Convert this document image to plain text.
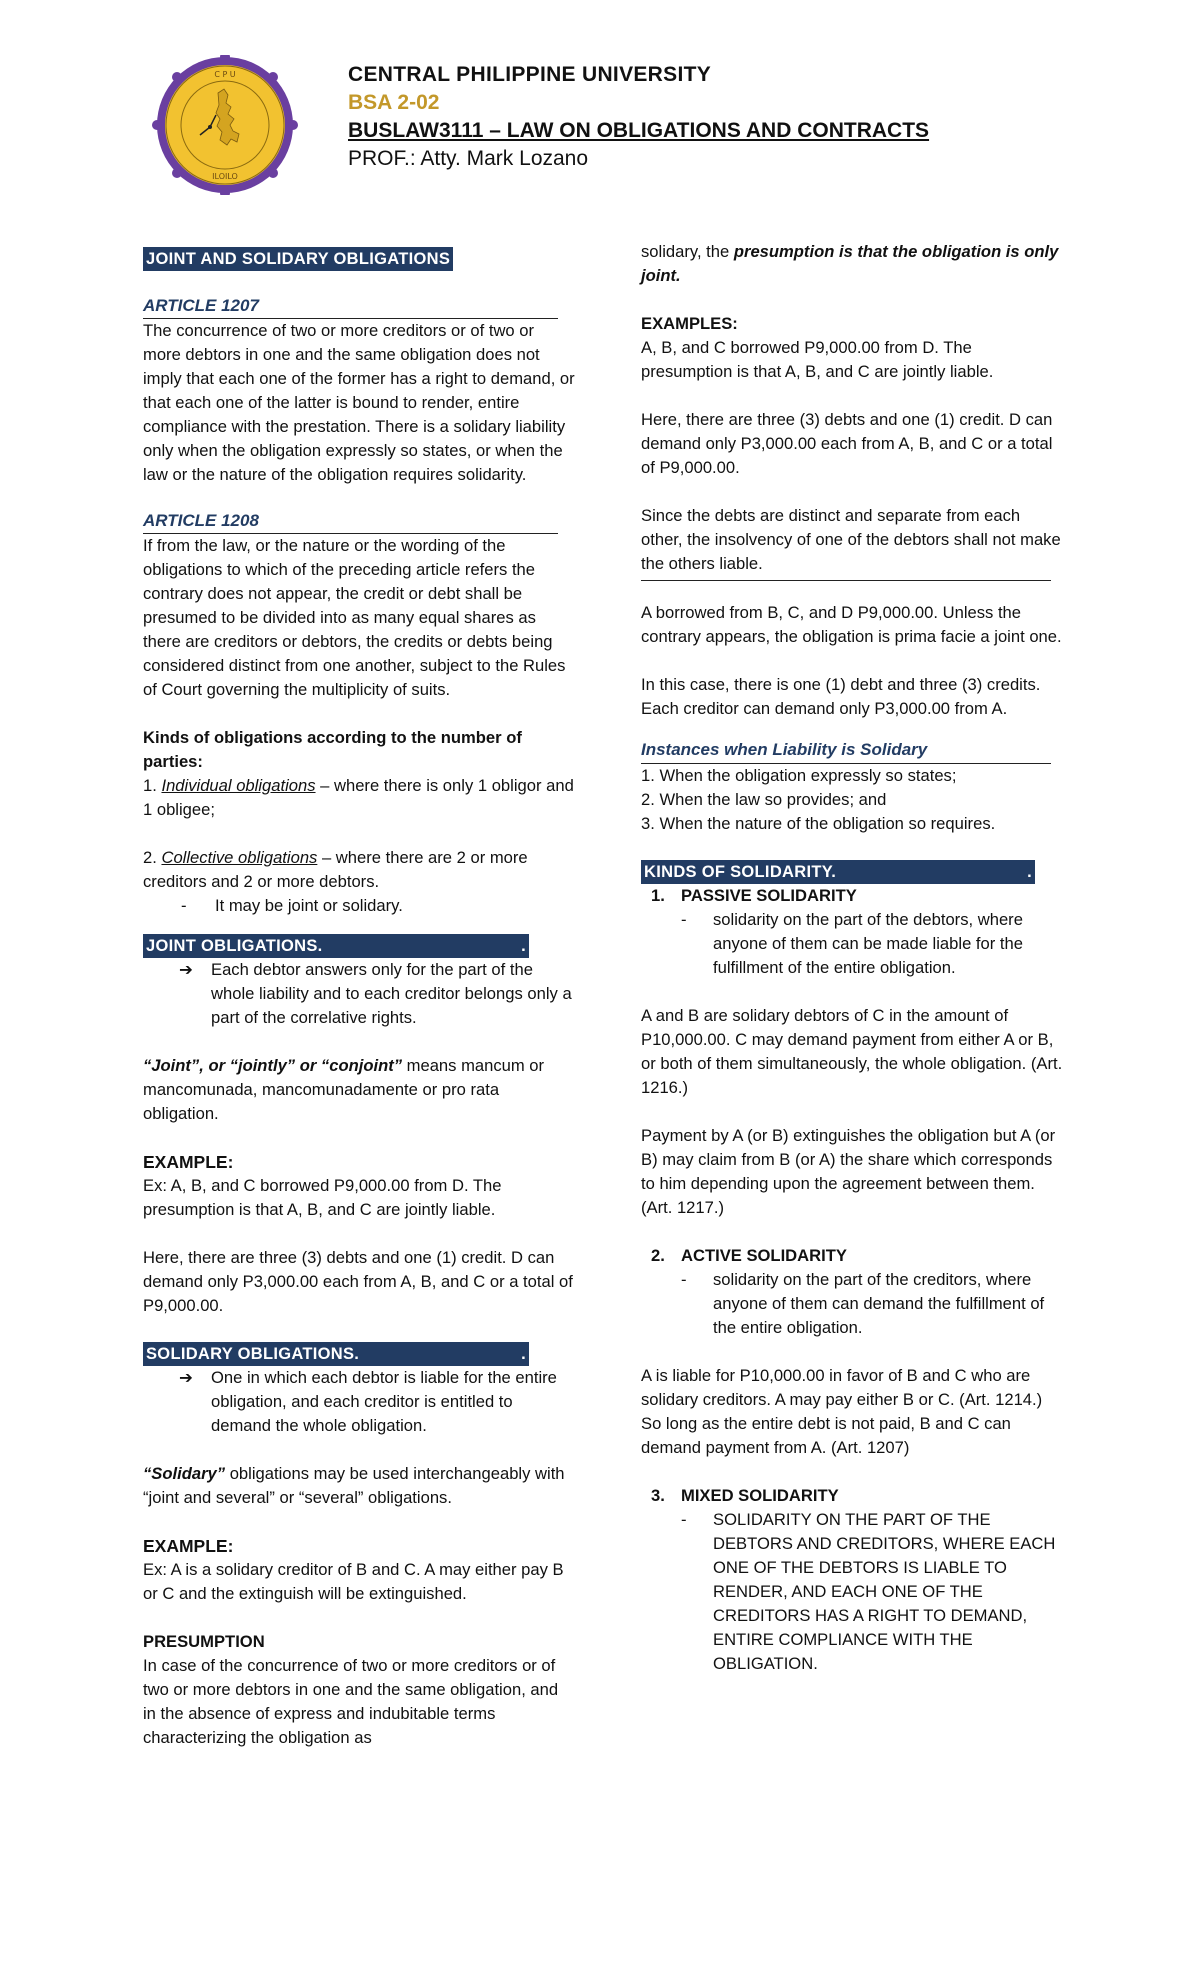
C P U
ILOILO

CENTRAL PHILIPPINE UNIVERSITY

BSA 2-02

BUSLAW3111 – LAW ON OBLIGATIONS AND CONTRACTS

PROF.: Atty. Mark Lozano

JOINT AND SOLIDARY OBLIGATIONS
ARTICLE 1207

The concurrence of two or more creditors or of two or more debtors in one and the same obligation does not imply that each one of the former has a right to demand, or that each one of the latter is bound to render, entire compliance with the prestation. There is a solidary liability only when the obligation expressly so states, or when the law or the nature of the obligation requires solidarity.

ARTICLE 1208

If from the law, or the nature or the wording of the obligations to which of the preceding article refers the contrary does not appear, the credit or debt shall be presumed to be divided into as many equal shares as there are creditors or debtors, the credits or debts being considered distinct from one another, subject to the Rules of Court governing the multiplicity of suits.

Kinds of obligations according to the number of parties:

1. Individual obligations – where there is only 1 obligor and 1 obligee;

2. Collective obligations – where there are 2 or more creditors and 2 or more debtors.

-	It may be joint or solidary.
JOINT OBLIGATIONS.	.
➔	Each debtor answers only for the part of the whole liability and to each creditor belongs only a part of the correlative rights.

“Joint”, or “jointly” or “conjoint” means mancum or mancomunada, mancomunadamente or pro rata obligation.

EXAMPLE:

Ex: A, B, and C borrowed P9,000.00 from D. The presumption is that A, B, and C are jointly liable.

Here, there are three (3) debts and one (1) credit. D can demand only P3,000.00 each from A, B, and C or a total of P9,000.00.

SOLIDARY OBLIGATIONS.	.
➔	One in which each debtor is liable for the entire obligation, and each creditor is entitled to demand the whole obligation.

“Solidary” obligations may be used interchangeably with “joint and several” or “several” obligations.

EXAMPLE:

Ex: A is a solidary creditor of B and C. A may either pay B or C and the extinguish will be extinguished.

PRESUMPTION

In case of the concurrence of two or more creditors or of two or more debtors in one and the same obligation, and in the absence of express and indubitable terms characterizing the obligation as

solidary, the presumption is that the obligation is only joint.

EXAMPLES:

A, B, and C borrowed P9,000.00 from D. The presumption is that A, B, and C are jointly liable.

Here, there are three (3) debts and one (1) credit. D can demand only P3,000.00 each from A, B, and C or a total of P9,000.00.

Since the debts are distinct and separate from each other, the insolvency of one of the debtors shall not make the others liable.

A borrowed from B, C, and D P9,000.00. Unless the contrary appears, the obligation is prima facie a joint one.

In this case, there is one (1) debt and three (3) credits. Each creditor can demand only P3,000.00 from A.

Instances when Liability is Solidary

1. When the obligation expressly so states;

2. When the law so provides; and

3. When the nature of the obligation so requires.

KINDS OF SOLIDARITY.	.
1. PASSIVE SOLIDARITY
-	solidarity on the part of the debtors, where anyone of them can be made liable for the fulfillment of the entire obligation.

A and B are solidary debtors of C in the amount of P10,000.00. C may demand payment from either A or B, or both of them simultaneously, the whole obligation. (Art. 1216.)

Payment by A (or B) extinguishes the obligation but A (or B) may claim from B (or A) the share which corresponds to him depending upon the agreement between them. (Art. 1217.)

2. ACTIVE SOLIDARITY
-	solidarity on the part of the creditors, where anyone of them can demand the fulfillment of the entire obligation.

A is liable for P10,000.00 in favor of B and C who are solidary creditors. A may pay either B or C. (Art. 1214.) So long as the entire debt is not paid, B and C can demand payment from A. (Art. 1207)

3. MIXED SOLIDARITY
-	SOLIDARITY ON THE PART OF THE DEBTORS AND CREDITORS, WHERE EACH ONE OF THE DEBTORS IS LIABLE TO RENDER, AND EACH ONE OF THE CREDITORS HAS A RIGHT TO DEMAND, ENTIRE COMPLIANCE WITH THE OBLIGATION.
